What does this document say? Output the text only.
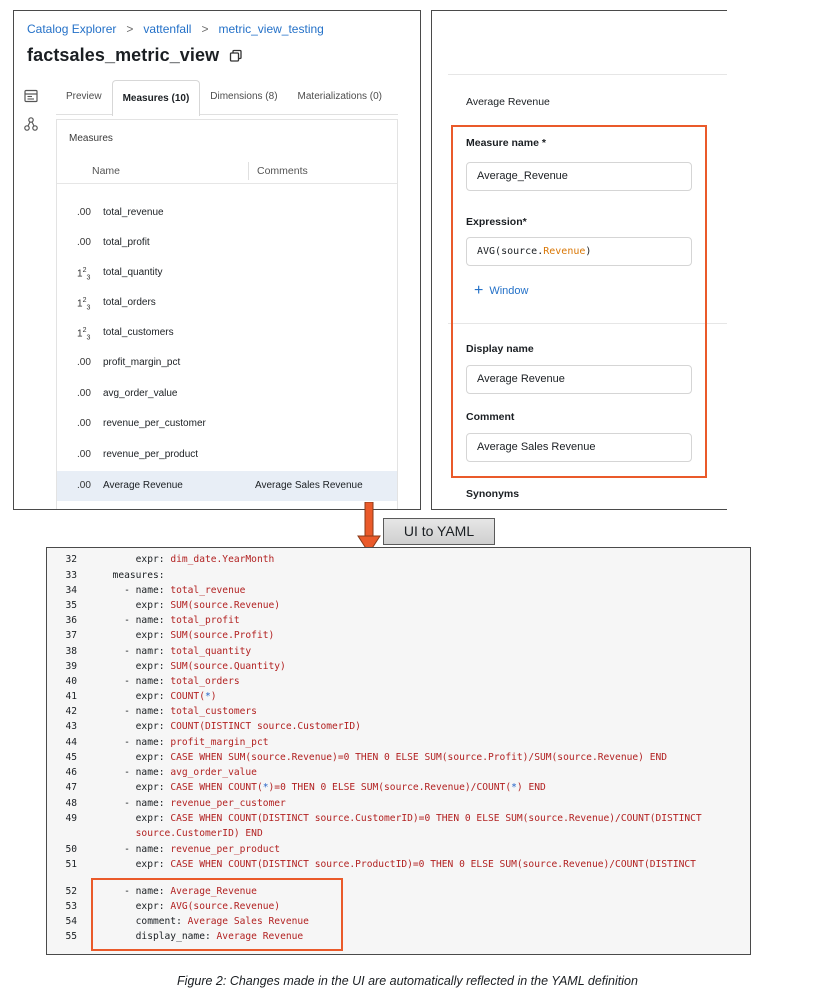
Catalog Explorer > vattenfall > metric_view_testing
factsales_metric_view
Preview	Measures (10)	Dimensions (8)	Materializations (0)
Measures
Name	Comments
.00 total_revenue
.00 total_profit
$1^2_3$ total_quantity
$1^2_3$ total_orders
$1^2_3$ total_customers
.00 profit_margin_pct
.00 avg_order_value
.00 revenue_per_customer
.00 revenue_per_product
.00 Average Revenue	Average Sales Revenue
Average Revenue
Measure name *
Average_Revenue
Expression*
AVG(source.Revenue)
+ Window
Display name
Average Revenue
Comment
Average Sales Revenue
Synonyms
UI to YAML
32	expr: dim_date.YearMonth
33	measures:
34	- name: total_revenue
35	expr: SUM(source.Revenue)
36	- name: total_profit
37	expr: SUM(source.Profit)
38	- namr: total_quantity
39	expr: SUM(source.Quantity)
40	- name: total_orders
41	expr: COUNT(*)
42	- name: total_customers
43	expr: COUNT(DISTINCT source.CustomerID)
44	- name: profit_margin_pct
45	expr: CASE WHEN SUM(source.Revenue)=0 THEN 0 ELSE SUM(source.Profit)/SUM(source.Revenue) END
46	- name: avg_order_value
47	expr: CASE WHEN COUNT(*)=0 THEN 0 ELSE SUM(source.Revenue)/COUNT(*) END
48	- name: revenue_per_customer
49	expr: CASE WHEN COUNT(DISTINCT source.CustomerID)=0 THEN 0 ELSE SUM(source.Revenue)/COUNT(DISTINCT
source.CustomerID) END
50	- name: revenue_per_product
51	expr: CASE WHEN COUNT(DISTINCT source.ProductID)=0 THEN 0 ELSE SUM(source.Revenue)/COUNT(DISTINCT
52	- name: Average_Revenue
53	expr: AVG(source.Revenue)
54	comment: Average Sales Revenue
55	display_name: Average Revenue
Figure 2: Changes made in the UI are automatically reflected in the YAML definition
